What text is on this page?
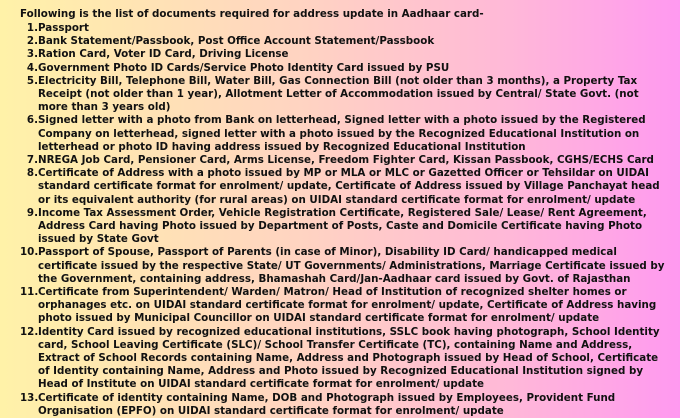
Following is the list of documents required for address update in Aadhaar card-
1. Passport
2. Bank Statement/Passbook, Post Office Account Statement/Passbook
3. Ration Card, Voter ID Card, Driving License
4. Government Photo ID Cards/Service Photo Identity Card issued by PSU
5. Electricity Bill, Telephone Bill, Water Bill, Gas Connection Bill (not older than 3 months), a Property Tax Receipt (not older than 1 year), Allotment Letter of Accommodation issued by Central/ State Govt. (not more than 3 years old)
6. Signed letter with a photo from Bank on letterhead, Signed letter with a photo issued by the Registered Company on letterhead, signed letter with a photo issued by the Recognized Educational Institution on letterhead or photo ID having address issued by Recognized Educational Institution
7. NREGA Job Card, Pensioner Card, Arms License, Freedom Fighter Card, Kissan Passbook, CGHS/ECHS Card
8. Certificate of Address with a photo issued by MP or MLA or MLC or Gazetted Officer or Tehsildar on UIDAI standard certificate format for enrolment/ update, Certificate of Address issued by Village Panchayat head or its equivalent authority (for rural areas) on UIDAI standard certificate format for enrolment/ update
9. Income Tax Assessment Order, Vehicle Registration Certificate, Registered Sale/ Lease/ Rent Agreement, Address Card having Photo issued by Department of Posts, Caste and Domicile Certificate having Photo issued by State Govt
10. Passport of Spouse, Passport of Parents (in case of Minor), Disability ID Card/ handicapped medical certificate issued by the respective State/ UT Governments/ Administrations, Marriage Certificate issued by the Government, containing address, Bhamashah Card/Jan-Aadhaar card issued by Govt. of Rajasthan
11. Certificate from Superintendent/ Warden/ Matron/ Head of Institution of recognized shelter homes or orphanages etc. on UIDAI standard certificate format for enrolment/ update, Certificate of Address having photo issued by Municipal Councillor on UIDAI standard certificate format for enrolment/ update
12. Identity Card issued by recognized educational institutions, SSLC book having photograph, School Identity card, School Leaving Certificate (SLC)/ School Transfer Certificate (TC), containing Name and Address, Extract of School Records containing Name, Address and Photograph issued by Head of School, Certificate of Identity containing Name, Address and Photo issued by Recognized Educational Institution signed by Head of Institute on UIDAI standard certificate format for enrolment/ update
13. Certificate of identity containing Name, DOB and Photograph issued by Employees, Provident Fund Organisation (EPFO) on UIDAI standard certificate format for enrolment/ update
